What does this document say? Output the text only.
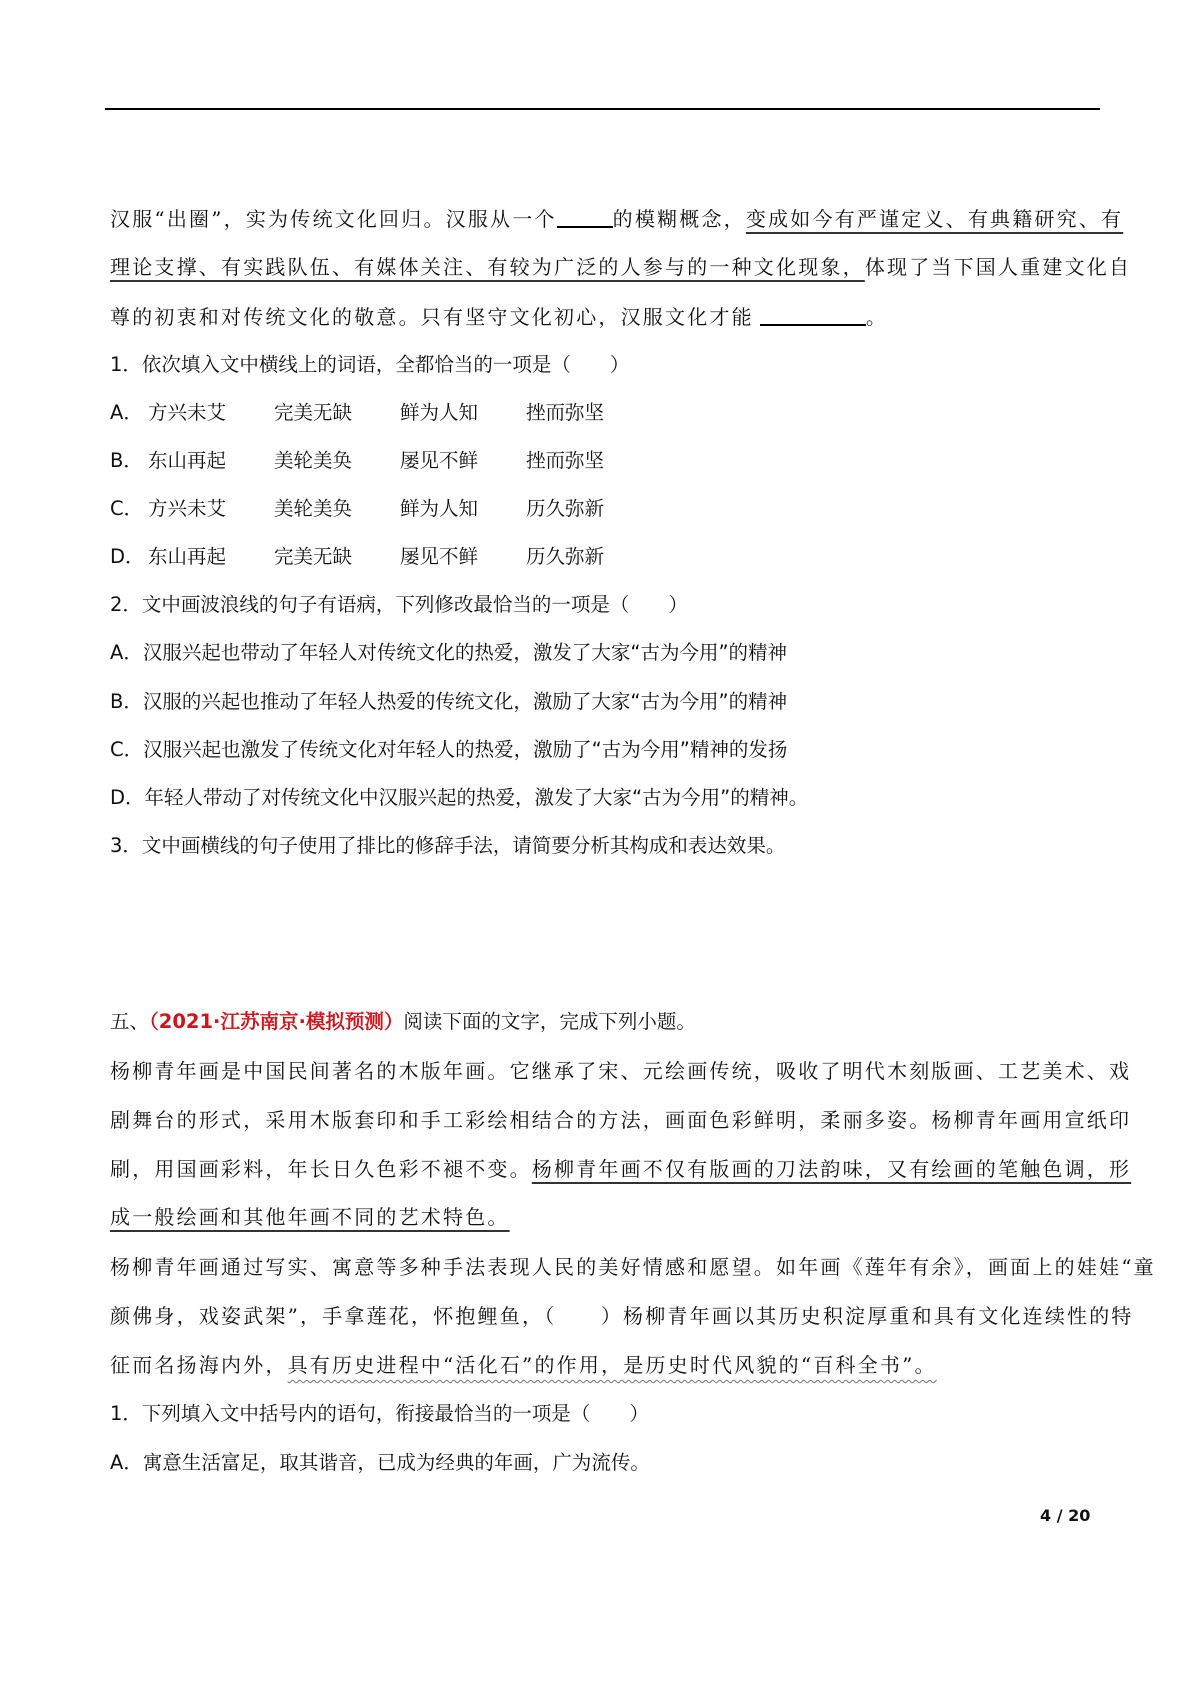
汉服“出圈”，实为传统文化回归。汉服从一个	的模糊概念，变成如今有严谨定义、有典籍研究、有
理论支撑、有实践队伍、有媒体关注、有较为广泛的人参与的一种文化现象，体现了当下国人重建文化自
尊的初衷和对传统文化的敬意。只有坚守文化初心，汉服文化才能	。
1．依次填入文中横线上的词语，全都恰当的一项是（　　）
A． 方兴未艾 完美无缺 鲜为人知 挫而弥坚
B． 东山再起 美轮美奂 屡见不鲜 挫而弥坚
C． 方兴未艾 美轮美奂 鲜为人知 历久弥新
D． 东山再起 完美无缺 屡见不鲜 历久弥新
2．文中画波浪线的句子有语病，下列修改最恰当的一项是（　　）
A．汉服兴起也带动了年轻人对传统文化的热爱，激发了大家“古为今用”的精神
B．汉服的兴起也推动了年轻人热爱的传统文化，激励了大家“古为今用”的精神
C．汉服兴起也激发了传统文化对年轻人的热爱，激励了“古为今用”精神的发扬
D．年轻人带动了对传统文化中汉服兴起的热爱，激发了大家“古为今用”的精神。
3．文中画横线的句子使用了排比的修辞手法，请简要分析其构成和表达效果。
五、（2021·江苏南京·模拟预测）阅读下面的文字，完成下列小题。
杨柳青年画是中国民间著名的木版年画。它继承了宋、元绘画传统，吸收了明代木刻版画、工艺美术、戏
剧舞台的形式，采用木版套印和手工彩绘相结合的方法，画面色彩鲜明，柔丽多姿。杨柳青年画用宣纸印
刷，用国画彩料，年长日久色彩不褪不变。杨柳青年画不仅有版画的刀法韵味，又有绘画的笔触色调，形
成一般绘画和其他年画不同的艺术特色。
杨柳青年画通过写实、寓意等多种手法表现人民的美好情感和愿望。如年画《莲年有余》，画面上的娃娃“童
颜佛身，戏姿武架”，手拿莲花，怀抱鲤鱼，（　　）杨柳青年画以其历史积淀厚重和具有文化连续性的特
征而名扬海内外，具有历史进程中“活化石”的作用，是历史时代风貌的“百科全书”。
1．下列填入文中括号内的语句，衔接最恰当的一项是（　　）
A．寓意生活富足，取其谐音，已成为经典的年画，广为流传。
4 / 20
